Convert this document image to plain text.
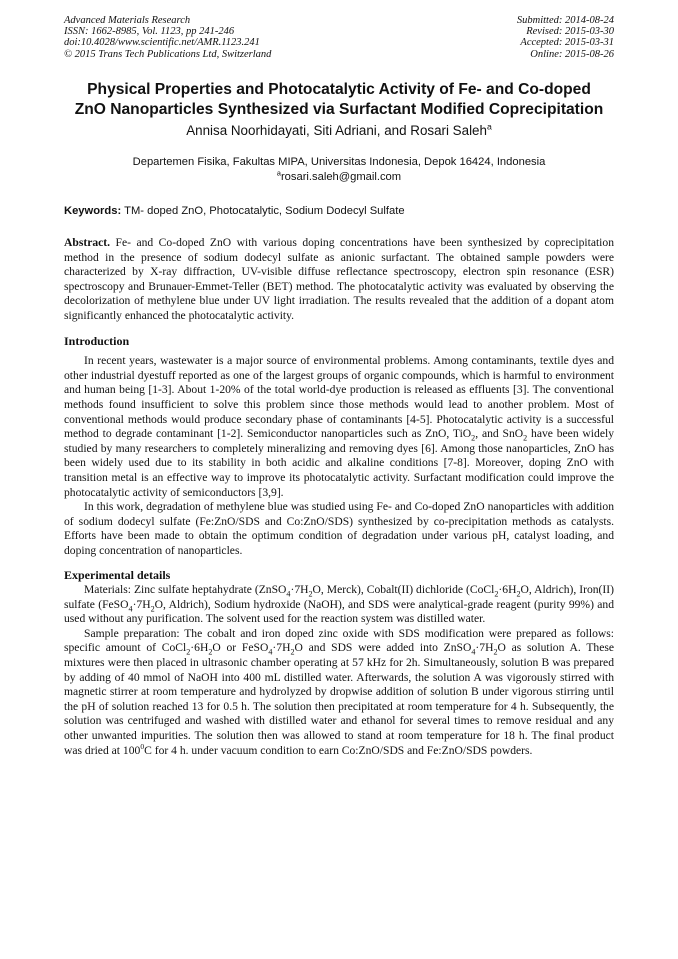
Advanced Materials Research
ISSN: 1662-8985, Vol. 1123, pp 241-246
doi:10.4028/www.scientific.net/AMR.1123.241
© 2015 Trans Tech Publications Ltd, Switzerland
Submitted: 2014-08-24
Revised: 2015-03-30
Accepted: 2015-03-31
Online: 2015-08-26
Physical Properties and Photocatalytic Activity of Fe- and Co-doped
ZnO Nanoparticles Synthesized via Surfactant Modified Coprecipitation
Annisa Noorhidayati, Siti Adriani, and Rosari Saleh$^a$
Departemen Fisika, Fakultas MIPA, Universitas Indonesia, Depok 16424, Indonesia
$^a$rosari.saleh@gmail.com
Keywords: TM- doped ZnO, Photocatalytic, Sodium Dodecyl Sulfate

Abstract. Fe- and Co-doped ZnO with various doping concentrations have been synthesized by coprecipitation method in the presence of sodium dodecyl sulfate as anionic surfactant. The obtained sample powders were characterized by X-ray diffraction, UV-visible diffuse reflectance spectroscopy, electron spin resonance (ESR) spectroscopy and Brunauer-Emmet-Teller (BET) method. The photocatalytic activity was evaluated by observing the decolorization of methylene blue under UV light irradiation. The results revealed that the addition of a dopant atom significantly enhanced the photocatalytic activity.

Introduction

In recent years, wastewater is a major source of environmental problems. Among contaminants, textile dyes and other industrial dyestuff reported as one of the largest groups of organic compounds, which is harmful to environment and human being [1-3]. About 1-20% of the total world-dye production is released as effluents [3]. The conventional methods found insufficient to solve this problem since those methods would lead to another problem. Most of conventional methods would produce secondary phase of contaminants [4-5]. Photocatalytic activity is a successful method to degrade contaminant [1-2]. Semiconductor nanoparticles such as ZnO, TiO$_2$, and SnO$_2$ have been widely studied by many researchers to completely mineralizing and removing dyes [6]. Among those nanoparticles, ZnO has been widely used due to its stability in both acidic and alkaline conditions [7-8]. Moreover, doping ZnO with transition metal is an effective way to improve its photocatalytic activity. Surfactant modification could improve the photocatalytic activity of semiconductors [3,9].

In this work, degradation of methylene blue was studied using Fe- and Co-doped ZnO nanoparticles with addition of sodium dodecyl sulfate (Fe:ZnO/SDS and Co:ZnO/SDS) synthesized by co-precipitation methods as catalysts. Efforts have been made to obtain the optimum condition of degradation under various pH, catalyst loading, and doping concentration of nanoparticles.

Experimental details

Materials: Zinc sulfate heptahydrate ($ZnSO_4\cdot 7H_2O$, Merck), Cobalt(II) dichloride ($CoCl_2\cdot 6H_2O$, Aldrich), Iron(II) sulfate ($FeSO_4\cdot 7H_2O$, Aldrich), Sodium hydroxide (NaOH), and SDS were analytical-grade reagent (purity 99%) and used without any purification. The solvent used for the reaction system was distilled water.

Sample preparation: The cobalt and iron doped zinc oxide with SDS modification were prepared as follows: specific amount of $CoCl_2\cdot 6H_2O$ or $FeSO_4\cdot 7H_2O$ and SDS were added into $ZnSO_4\cdot 7H_2O$ as solution A. These mixtures were then placed in ultrasonic chamber operating at 57 kHz for 2h. Simultaneously, solution B was prepared by adding of 40 mmol of NaOH into 400 mL distilled water. Afterwards, the solution A was vigorously stirred with magnetic stirrer at room temperature and hydrolyzed by dropwise addition of solution B under vigorous stirring until the pH of solution reached 13 for 0.5 h. The solution then precipitated at room temperature for 4 h. Subsequently, the solution was centrifuged and washed with distilled water and ethanol for several times to remove residual and any other unwanted impurities. The solution then was allowed to stand at room temperature for 18 h. The final product was dried at $100^0C$ for 4 h. under vacuum condition to earn Co:ZnO/SDS and Fe:ZnO/SDS powders.
